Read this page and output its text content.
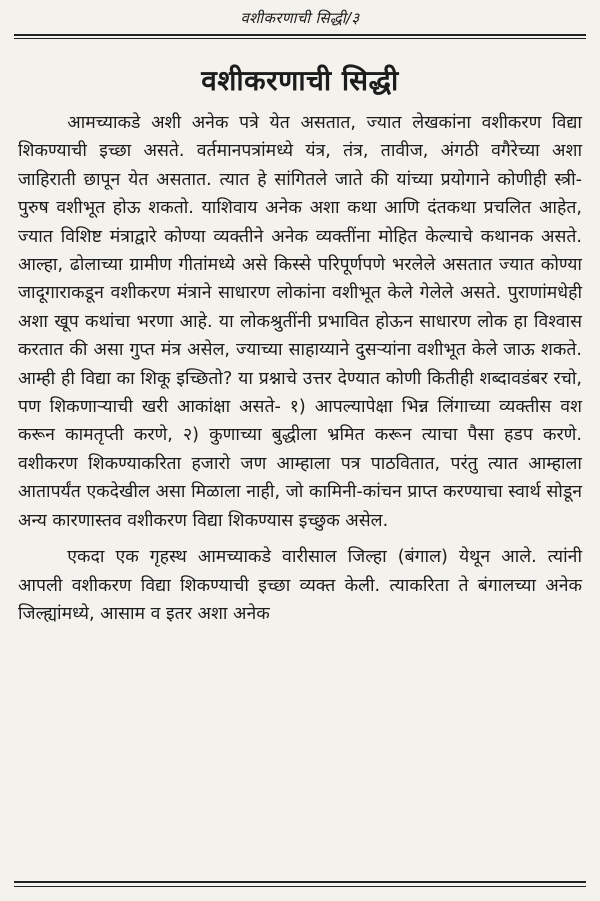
वशीकरणाची सिद्धी/३
वशीकरणाची सिद्धी

आमच्याकडे अशी अनेक पत्रे येत असतात, ज्यात लेखकांना वशीकरण विद्या शिकण्याची इच्छा असते. वर्तमानपत्रांमध्ये यंत्र, तंत्र, तावीज, अंगठी वगैरेच्या अशा जाहिराती छापून येत असतात. त्यात हे सांगितले जाते की यांच्या प्रयोगाने कोणीही स्त्री-पुरुष वशीभूत होऊ शकतो. याशिवाय अनेक अशा कथा आणि दंतकथा प्रचलित आहेत, ज्यात विशिष्ट मंत्राद्वारे कोण्या व्यक्तीने अनेक व्यक्तींना मोहित केल्याचे कथानक असते. आल्हा, ढोलाच्या ग्रामीण गीतांमध्ये असे किस्से परिपूर्णपणे भरलेले असतात ज्यात कोण्या जादूगाराकडून वशीकरण मंत्राने साधारण लोकांना वशीभूत केले गेलेले असते. पुराणांमधेही अशा खूप कथांचा भरणा आहे. या लोकश्रुतींनी प्रभावित होऊन साधारण लोक हा विश्वास करतात की असा गुप्त मंत्र असेल, ज्याच्या साहाय्याने दुसऱ्यांना वशीभूत केले जाऊ शकते. आम्ही ही विद्या का शिकू इच्छितो? या प्रश्नाचे उत्तर देण्यात कोणी कितीही शब्दावडंबर रचो, पण शिकणाऱ्याची खरी आकांक्षा असते- १) आपल्यापेक्षा भिन्न लिंगाच्या व्यक्तीस वश करून कामतृप्ती करणे, २) कुणाच्या बुद्धीला भ्रमित करून त्याचा पैसा हडप करणे. वशीकरण शिकण्याकरिता हजारो जण आम्हाला पत्र पाठवितात, परंतु त्यात आम्हाला आतापर्यंत एकदेखील असा मिळाला नाही, जो कामिनी-कांचन प्राप्त करण्याचा स्वार्थ सोडून अन्य कारणास्तव वशीकरण विद्या शिकण्यास इच्छुक असेल.

एकदा एक गृहस्थ आमच्याकडे वारीसाल जिल्हा (बंगाल) येथून आले. त्यांनी आपली वशीकरण विद्या शिकण्याची इच्छा व्यक्त केली. त्याकरिता ते बंगालच्या अनेक जिल्ह्यांमध्ये, आसाम व इतर अशा अनेक
